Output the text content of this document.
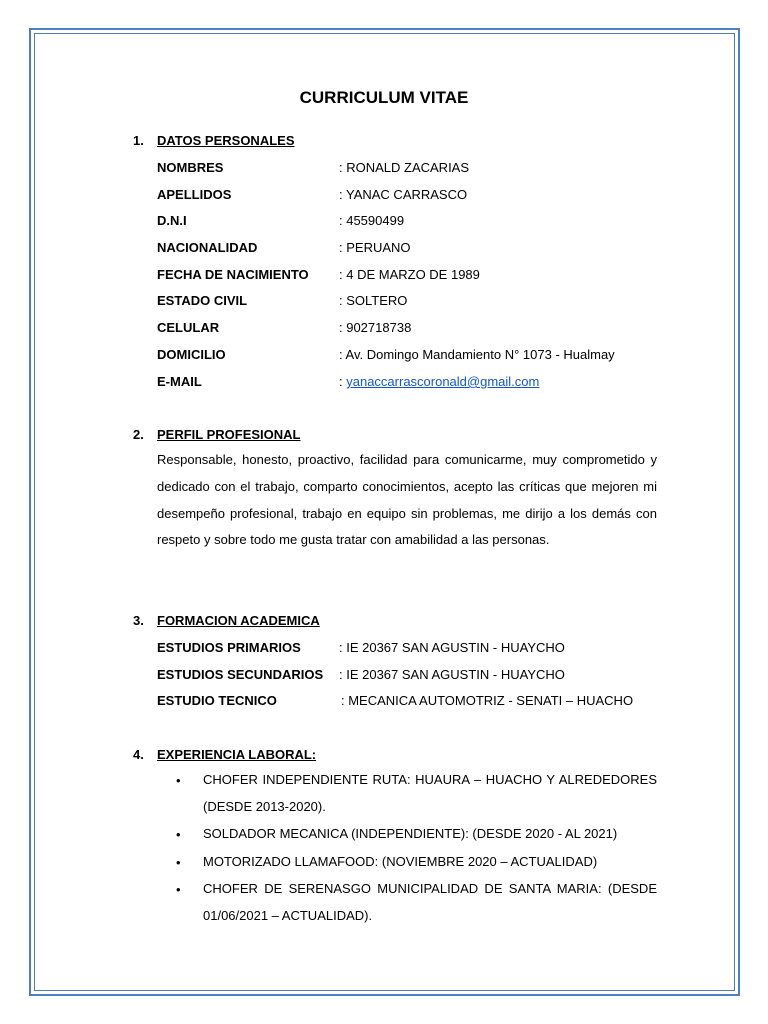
CURRICULUM VITAE
1. DATOS PERSONALES
NOMBRES	: RONALD ZACARIAS
APELLIDOS	: YANAC CARRASCO
D.N.I	: 45590499
NACIONALIDAD	: PERUANO
FECHA DE NACIMIENTO : 4 DE MARZO DE 1989
ESTADO CIVIL	: SOLTERO
CELULAR	: 902718738
DOMICILIO	: Av. Domingo Mandamiento N° 1073 - Hualmay
E-MAIL	: yanaccarrascoronald@gmail.com
2. PERFIL PROFESIONAL
Responsable, honesto, proactivo, facilidad para comunicarme, muy comprometido y dedicado con el trabajo, comparto conocimientos, acepto las críticas que mejoren mi desempeño profesional, trabajo en equipo sin problemas, me dirijo a los demás con respeto y sobre todo me gusta tratar con amabilidad a las personas.
3. FORMACION ACADEMICA
ESTUDIOS PRIMARIOS	: IE 20367 SAN AGUSTIN - HUAYCHO
ESTUDIOS SECUNDARIOS : IE 20367 SAN AGUSTIN - HUAYCHO
ESTUDIO TECNICO	: MECANICA AUTOMOTRIZ - SENATI – HUACHO
4. EXPERIENCIA LABORAL:
• CHOFER INDEPENDIENTE RUTA: HUAURA – HUACHO Y ALREDEDORES (DESDE 2013-2020).
• SOLDADOR MECANICA (INDEPENDIENTE): (DESDE 2020 - AL 2021)
• MOTORIZADO LLAMAFOOD: (NOVIEMBRE 2020 – ACTUALIDAD)
• CHOFER DE SERENASGO MUNICIPALIDAD DE SANTA MARIA: (DESDE 01/06/2021 – ACTUALIDAD).
